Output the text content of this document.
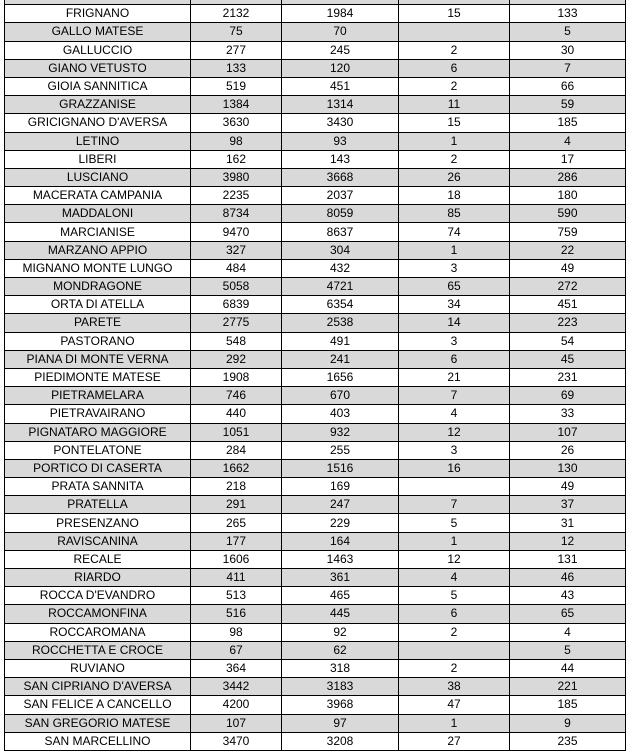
FRIGNANO	2132	1984	15	133
GALLO MATESE	75	70		5
GALLUCCIO	277	245	2	30
GIANO VETUSTO	133	120	6	7
GIOIA SANNITICA	519	451	2	66
GRAZZANISE	1384	1314	11	59
GRICIGNANO D'AVERSA	3630	3430	15	185
LETINO	98	93	1	4
LIBERI	162	143	2	17
LUSCIANO	3980	3668	26	286
MACERATA CAMPANIA	2235	2037	18	180
MADDALONI	8734	8059	85	590
MARCIANISE	9470	8637	74	759
MARZANO APPIO	327	304	1	22
MIGNANO MONTE LUNGO	484	432	3	49
MONDRAGONE	5058	4721	65	272
ORTA DI ATELLA	6839	6354	34	451
PARETE	2775	2538	14	223
PASTORANO	548	491	3	54
PIANA DI MONTE VERNA	292	241	6	45
PIEDIMONTE MATESE	1908	1656	21	231
PIETRAMELARA	746	670	7	69
PIETRAVAIRANO	440	403	4	33
PIGNATARO MAGGIORE	1051	932	12	107
PONTELATONE	284	255	3	26
PORTICO DI CASERTA	1662	1516	16	130
PRATA SANNITA	218	169		49
PRATELLA	291	247	7	37
PRESENZANO	265	229	5	31
RAVISCANINA	177	164	1	12
RECALE	1606	1463	12	131
RIARDO	411	361	4	46
ROCCA D'EVANDRO	513	465	5	43
ROCCAMONFINA	516	445	6	65
ROCCAROMANA	98	92	2	4
ROCCHETTA E CROCE	67	62		5
RUVIANO	364	318	2	44
SAN CIPRIANO D'AVERSA	3442	3183	38	221
SAN FELICE A CANCELLO	4200	3968	47	185
SAN GREGORIO MATESE	107	97	1	9
SAN MARCELLINO	3470	3208	27	235
